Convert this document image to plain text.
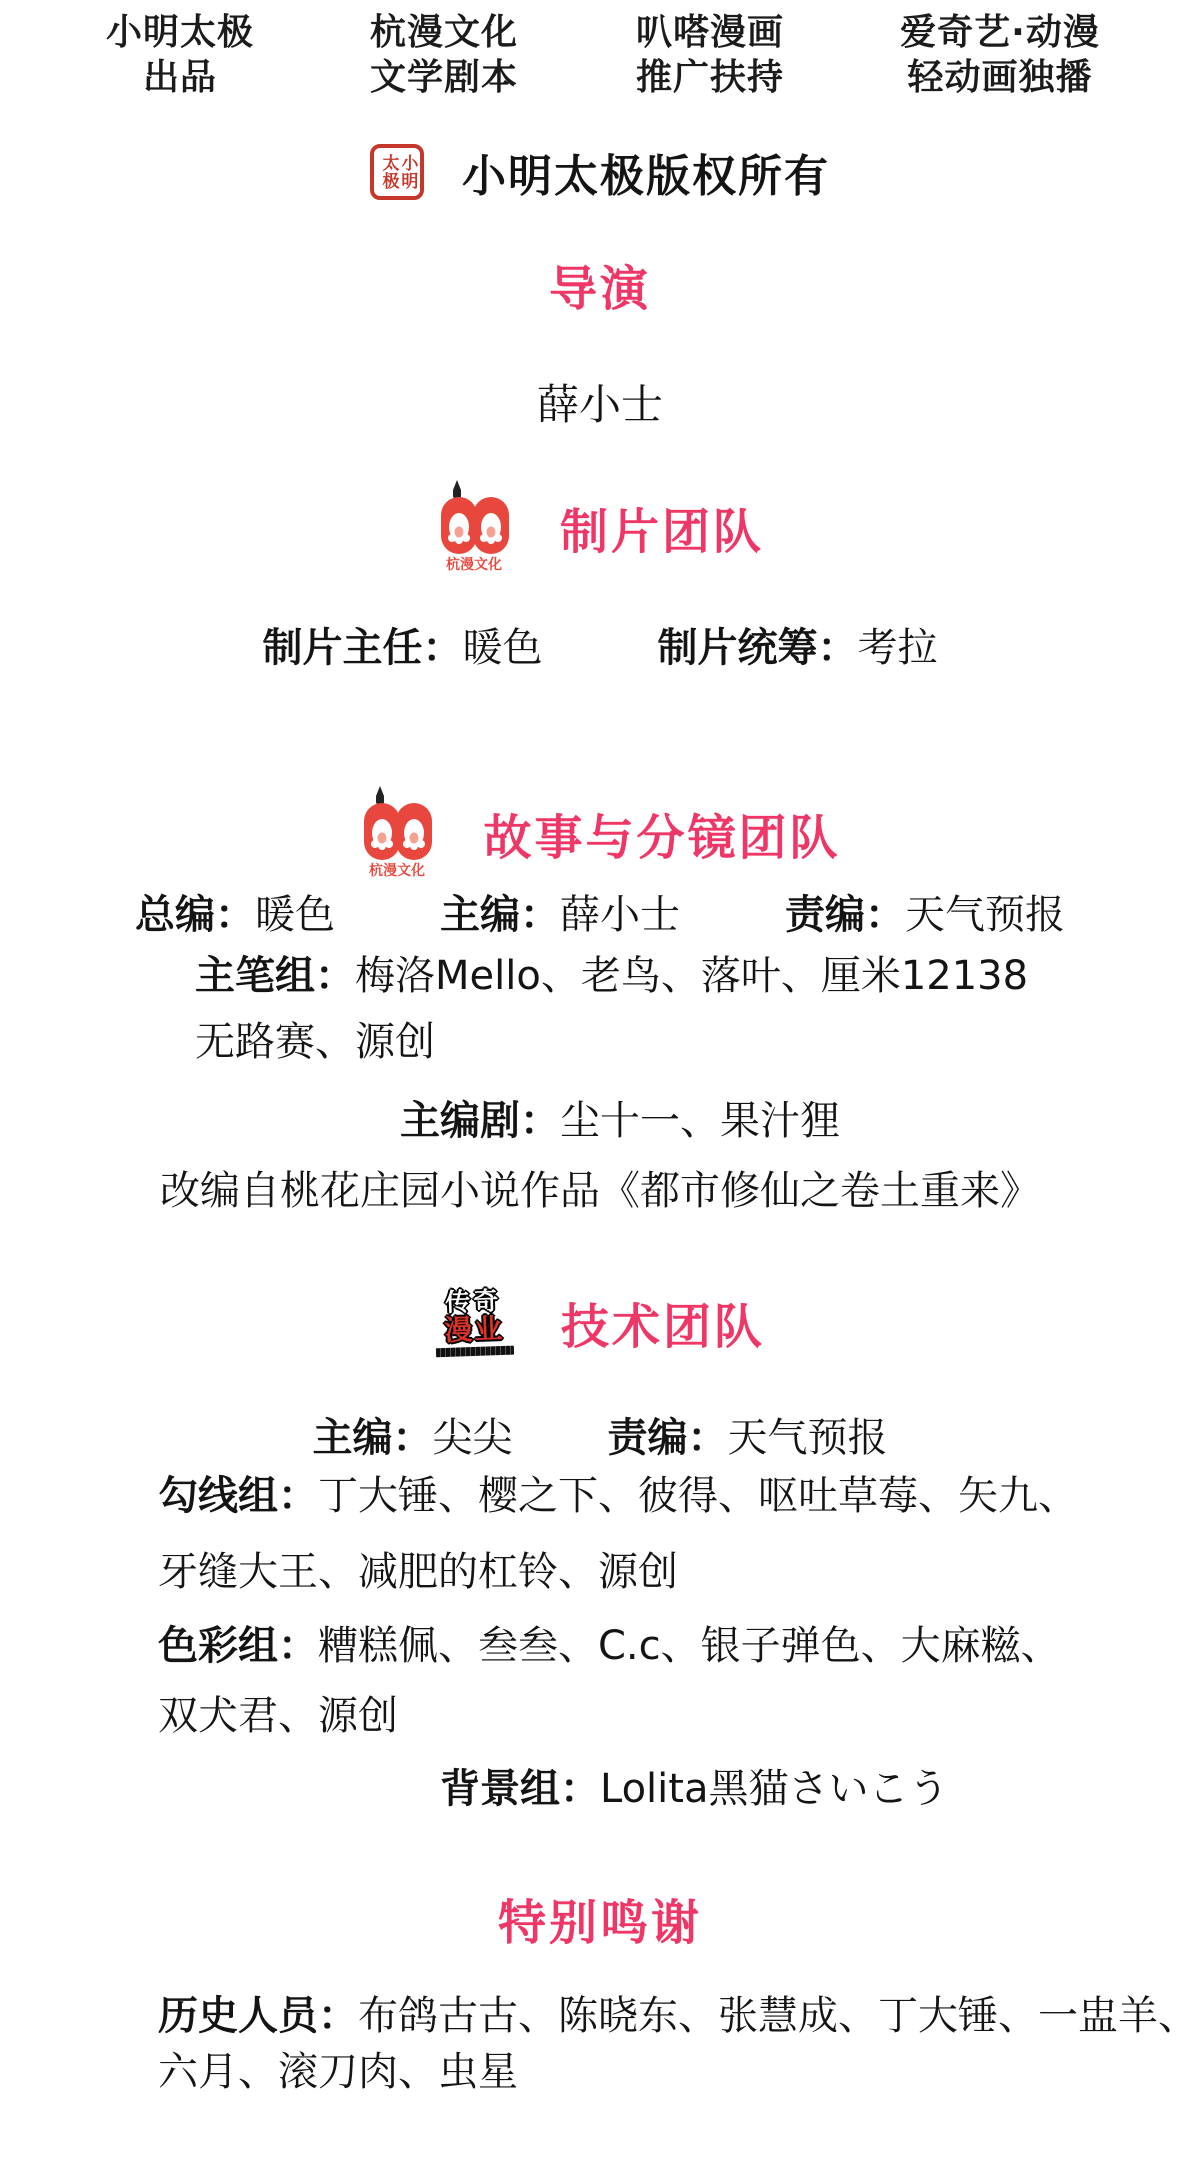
小明太极
出品
杭漫文化
文学剧本
叭嗒漫画
推广扶持
爱奇艺·动漫
轻动画独播
太极
小明 小明太极版权所有
导演
薛小士
杭漫文化
制片团队
制片主任：暖色	制片统筹：考拉
杭漫文化
故事与分镜团队
总编：暖色	主编：薛小士	责编：天气预报
主笔组：梅洛Mello、老鸟、落叶、厘米12138
无路赛、源创
主编剧：尘十一、果汁狸
改编自桃花庄园小说作品《都市修仙之卷土重来》
传奇
漫业 技术团队
主编：尖尖 责编：天气预报
勾线组：丁大锤、樱之下、彼得、呕吐草莓、矢九、
牙缝大王、减肥的杠铃、源创
色彩组：糟糕佩、叁叁、C.c、银子弹色、大麻糍、
双犬君、源创
背景组：Lolita黑猫さいこう
特别鸣谢
历史人员：布鸽古古、陈晓东、张慧成、丁大锤、一盅羊、
六月、滚刀肉、虫星
